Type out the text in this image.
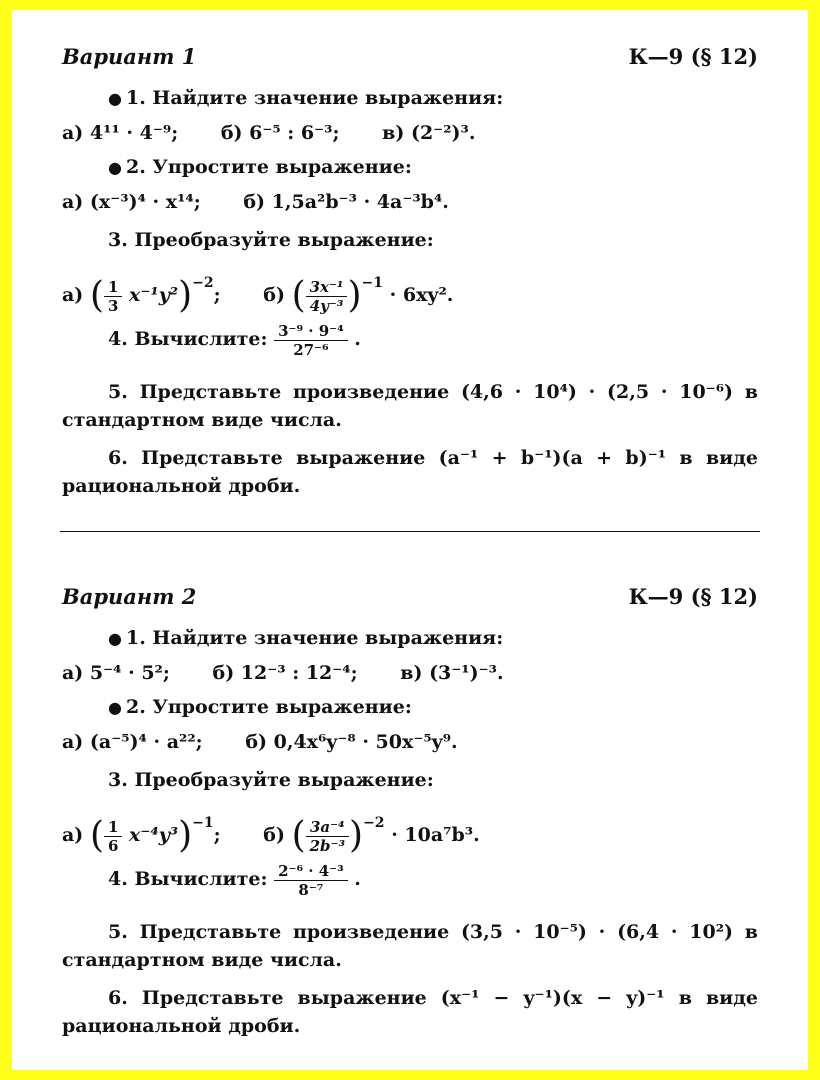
Вариант 1	К—9 (§ 12)
● 1. Найдите значение выражения:
а) 4¹¹ · 4⁻⁹; б) 6⁻⁵ : 6⁻³; в) (2⁻²)³.
● 2. Упростите выражение:
а) (x⁻³)⁴ · x¹⁴; б) 1,5a²b⁻³ · 4a⁻³b⁴.
3. Преобразуйте выражение:
а) ( $\frac{1}{3} x^{-1}y^2)^{-2}$; б) ( $\frac{\text{3x⁻¹}}{\text{4y⁻³}} )^{-1} \cdot 6xy^2$.
4. Вычислите: $\frac{\text{3⁻⁹ · 9⁻⁴}}{\text{27⁻⁶}}$ .
5. Представьте произведение (4,6 · 10⁴) · (2,5 · 10⁻⁶) в
стандартном виде числа.
6. Представьте выражение (a⁻¹ + b⁻¹)(a + b)⁻¹ в виде
рациональной дроби.
Вариант 2	К—9 (§ 12)
● 1. Найдите значение выражения:
а) 5⁻⁴ · 5²; б) 12⁻³ : 12⁻⁴; в) (3⁻¹)⁻³.
● 2. Упростите выражение:
а) (a⁻⁵)⁴ · a²²; б) 0,4x⁶y⁻⁸ · 50x⁻⁵y⁹.
3. Преобразуйте выражение:
а) ( $\frac{1}{6} x^{-4}y^3)^{-1}$; б) ( $\frac{\text{3a⁻⁴}}{\text{2b⁻³}} )^{-2} \cdot 10a^7b^3$.
4. Вычислите: $\frac{\text{2⁻⁶ · 4⁻³}}{\text{8⁻⁷}}$ .
5. Представьте произведение (3,5 · 10⁻⁵) · (6,4 · 10²) в
стандартном виде числа.
6. Представьте выражение (x⁻¹ − y⁻¹)(x − y)⁻¹ в виде
рациональной дроби.
